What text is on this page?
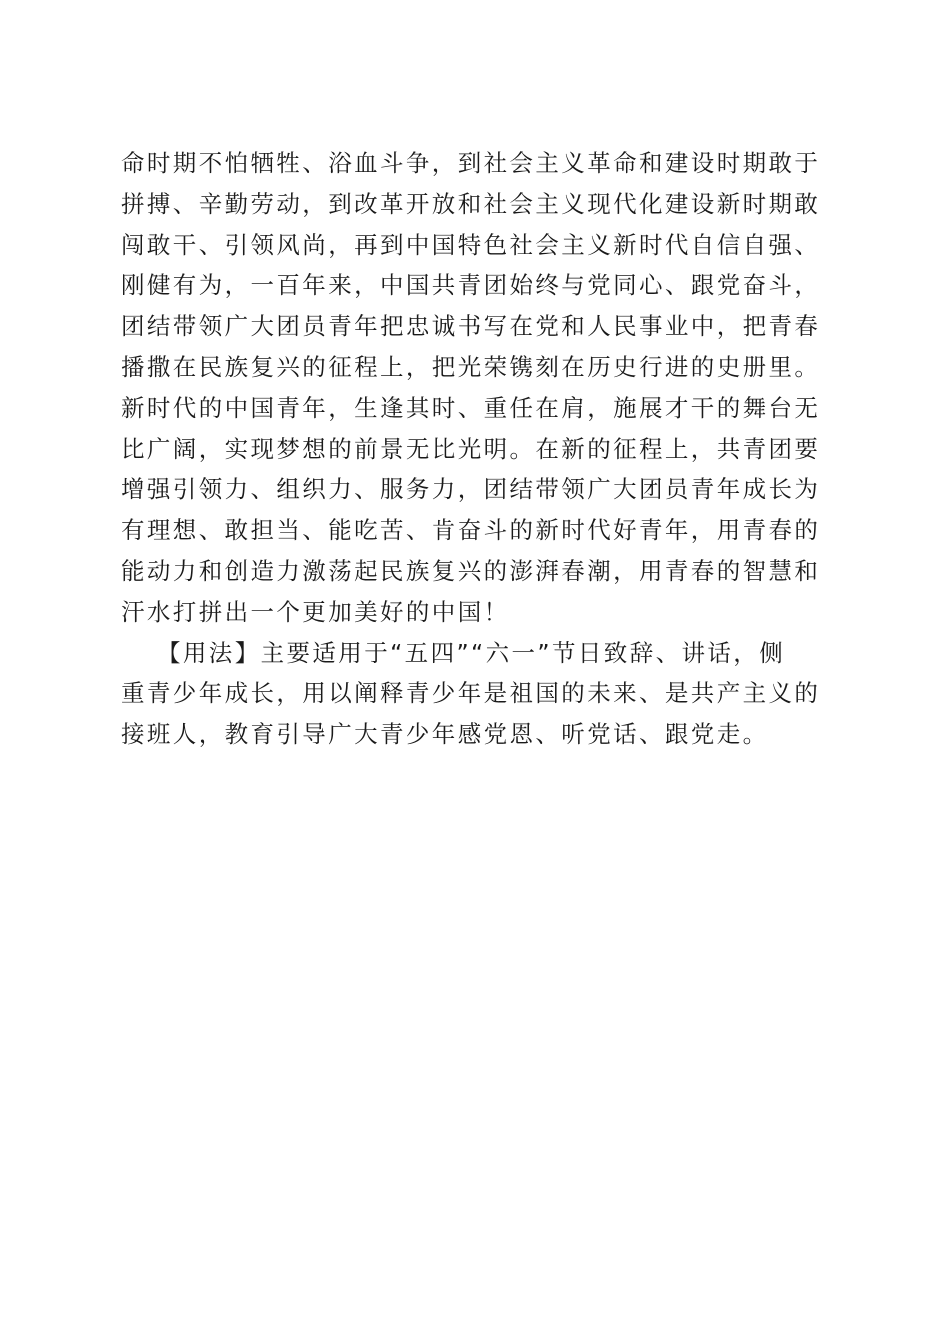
命时期不怕牺牲、浴血斗争，到社会主义革命和建设时期敢于
拼搏、辛勤劳动，到改革开放和社会主义现代化建设新时期敢
闯敢干、引领风尚，再到中国特色社会主义新时代自信自强、
刚健有为，一百年来，中国共青团始终与党同心、跟党奋斗，
团结带领广大团员青年把忠诚书写在党和人民事业中，把青春
播撒在民族复兴的征程上，把光荣镌刻在历史行进的史册里。
新时代的中国青年，生逢其时、重任在肩，施展才干的舞台无
比广阔，实现梦想的前景无比光明。在新的征程上，共青团要
增强引领力、组织力、服务力，团结带领广大团员青年成长为
有理想、敢担当、能吃苦、肯奋斗的新时代好青年，用青春的
能动力和创造力激荡起民族复兴的澎湃春潮，用青春的智慧和
汗水打拼出一个更加美好的中国！
【用法】主要适用于“五四”“六一”节日致辞、讲话，侧
重青少年成长，用以阐释青少年是祖国的未来、是共产主义的
接班人，教育引导广大青少年感党恩、听党话、跟党走。
